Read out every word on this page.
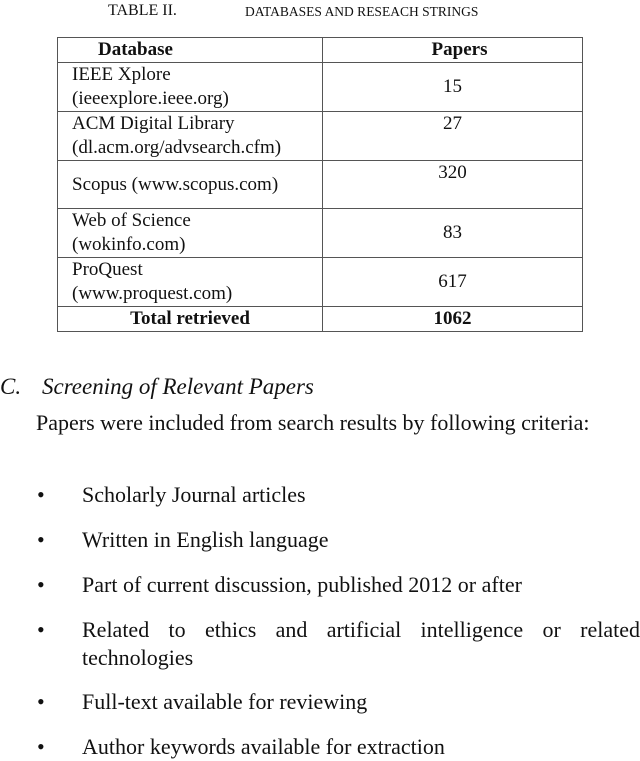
TABLE II.	DATABASES AND RESEACH STRINGS
Database	Papers

IEEE Xplore
(ieeexplore.ieee.org)	15

ACM Digital Library
(dl.acm.org/advsearch.cfm)	27

Scopus (www.scopus.com)	320

Web of Science
(wokinfo.com)	83

ProQuest
(www.proquest.com)	617
Total retrieved	1062
C. Screening of Relevant Papers
Papers were included from search results by following criteria:
• Scholarly Journal articles
• Written in English language
• Part of current discussion, published 2012 or after
• Related to ethics and artificial intelligence or related technologies
• Full-text available for reviewing
• Author keywords available for extraction
